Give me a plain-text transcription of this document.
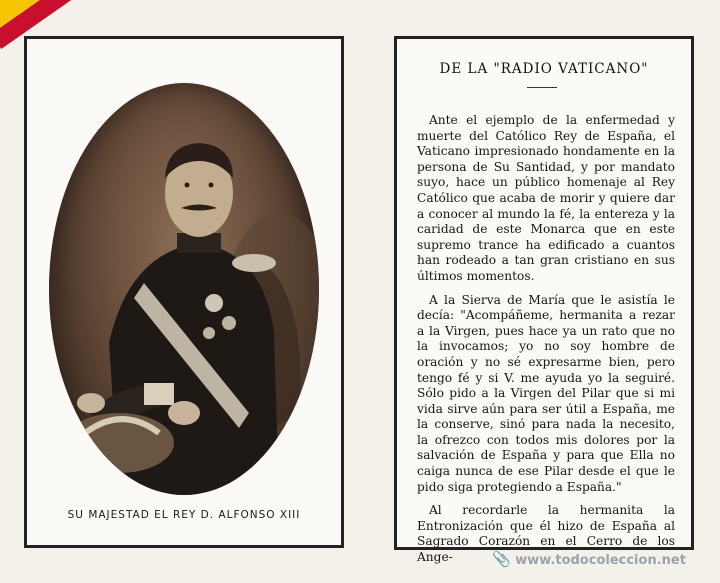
SU MAJESTAD EL REY D. ALFONSO XIII
DE LA "RADIO VATICANO"

Ante el ejemplo de la enfermedad y muerte del Católico Rey de España, el Vaticano impresionado hondamente en la persona de Su Santidad, y por mandato suyo, hace un público homenaje al Rey Católico que acaba de morir y quiere dar a conocer al mundo la fé, la entereza y la caridad de este Monarca que en este supremo trance ha edificado a cuantos han rodeado a tan gran cristiano en sus últimos momentos.

A la Sierva de María que le asistía le decía: "Acompáñeme, hermanita a rezar a la Virgen, pues hace ya un rato que no la invocamos; yo no soy hombre de oración y no sé expresarme bien, pero tengo fé y si V. me ayuda yo la seguiré. Sólo pido a la Virgen del Pilar que si mi vida sirve aún para ser útil a España, me la conserve, sinó para nada la necesito, la ofrezco con todos mis dolores por la salvación de España y para que Ella no caiga nunca de ese Pilar desde el que le pido siga protegiendo a España."

Al recordarle la hermanita la Entronización que él hizo de España al Sagrado Corazón en el Cerro de los Ange-	📎 www.todocoleccion.net
